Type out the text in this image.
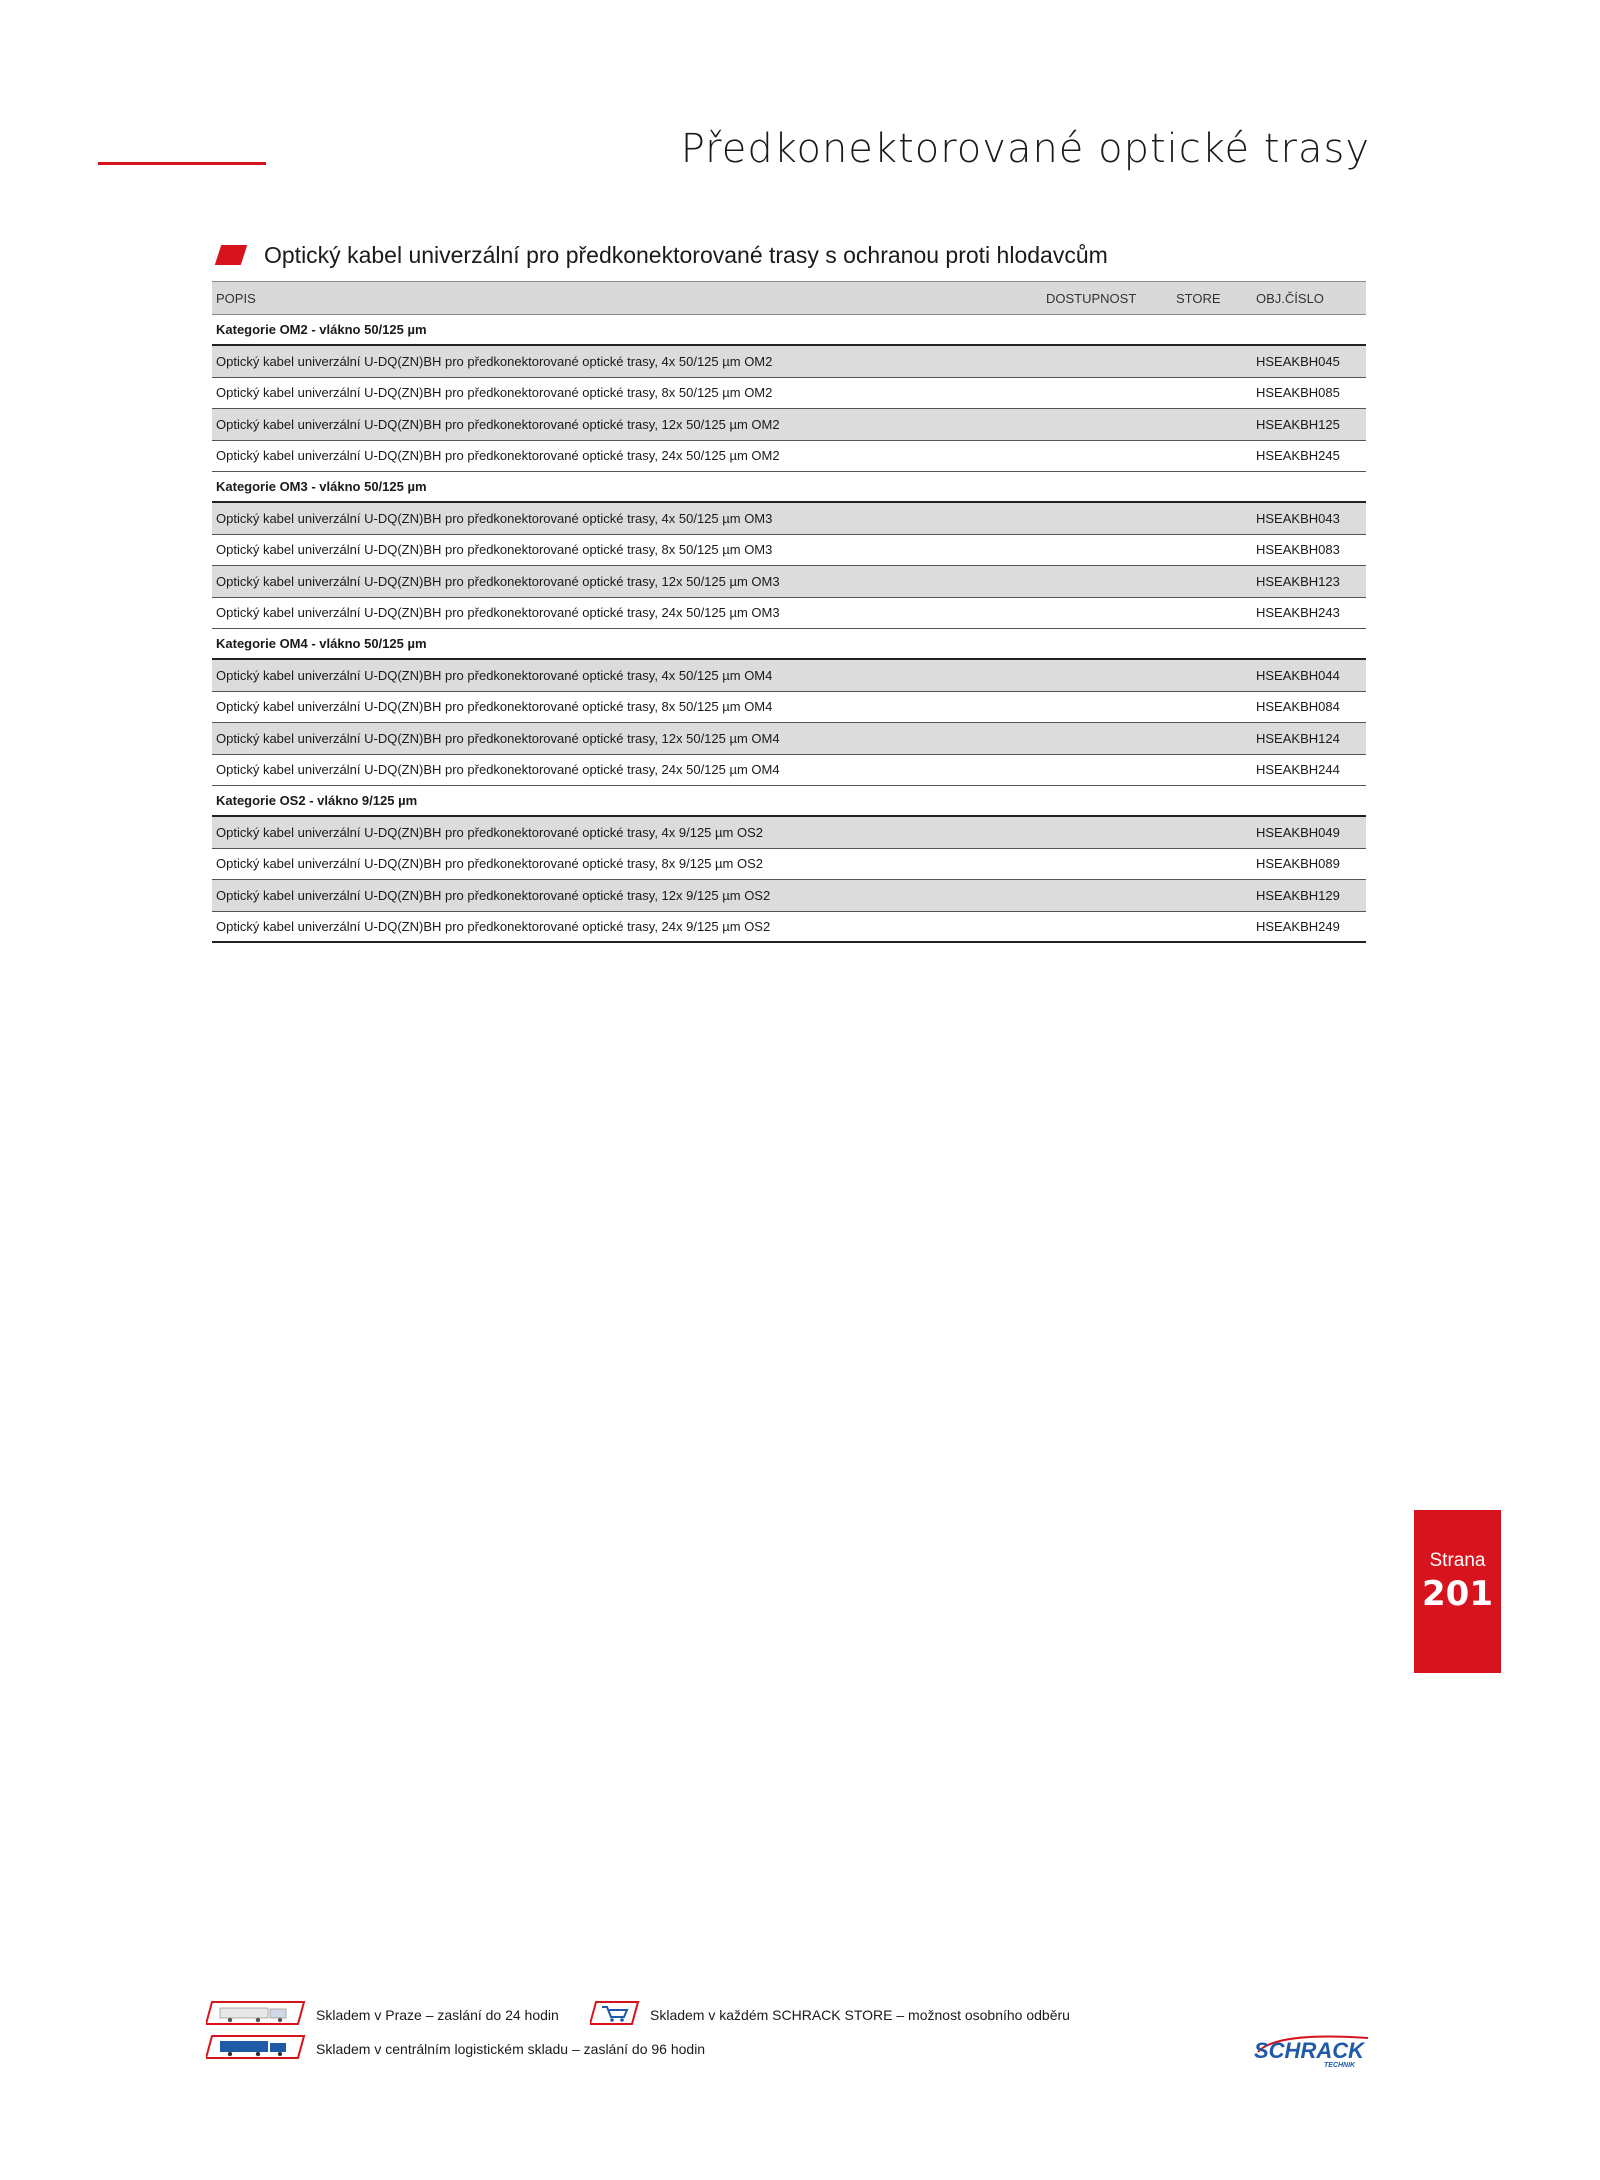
Předkonektorované optické trasy
Optický kabel univerzální pro předkonektorované trasy s ochranou proti hlodavcům
POPIS	DOSTUPNOST	STORE	OBJ.ČÍSLO
Kategorie OM2 - vlákno 50/125 µm
Optický kabel univerzální U-DQ(ZN)BH pro předkonektorované optické trasy, 4x 50/125 µm OM2	HSEAKBH045
Optický kabel univerzální U-DQ(ZN)BH pro předkonektorované optické trasy, 8x 50/125 µm OM2	HSEAKBH085
Optický kabel univerzální U-DQ(ZN)BH pro předkonektorované optické trasy, 12x 50/125 µm OM2	HSEAKBH125
Optický kabel univerzální U-DQ(ZN)BH pro předkonektorované optické trasy, 24x 50/125 µm OM2	HSEAKBH245
Kategorie OM3 - vlákno 50/125 µm
Optický kabel univerzální U-DQ(ZN)BH pro předkonektorované optické trasy, 4x 50/125 µm OM3	HSEAKBH043
Optický kabel univerzální U-DQ(ZN)BH pro předkonektorované optické trasy, 8x 50/125 µm OM3	HSEAKBH083
Optický kabel univerzální U-DQ(ZN)BH pro předkonektorované optické trasy, 12x 50/125 µm OM3	HSEAKBH123
Optický kabel univerzální U-DQ(ZN)BH pro předkonektorované optické trasy, 24x 50/125 µm OM3	HSEAKBH243
Kategorie OM4 - vlákno 50/125 µm
Optický kabel univerzální U-DQ(ZN)BH pro předkonektorované optické trasy, 4x 50/125 µm OM4	HSEAKBH044
Optický kabel univerzální U-DQ(ZN)BH pro předkonektorované optické trasy, 8x 50/125 µm OM4	HSEAKBH084
Optický kabel univerzální U-DQ(ZN)BH pro předkonektorované optické trasy, 12x 50/125 µm OM4	HSEAKBH124
Optický kabel univerzální U-DQ(ZN)BH pro předkonektorované optické trasy, 24x 50/125 µm OM4	HSEAKBH244
Kategorie OS2 - vlákno 9/125 µm
Optický kabel univerzální U-DQ(ZN)BH pro předkonektorované optické trasy, 4x 9/125 µm OS2	HSEAKBH049
Optický kabel univerzální U-DQ(ZN)BH pro předkonektorované optické trasy, 8x 9/125 µm OS2	HSEAKBH089
Optický kabel univerzální U-DQ(ZN)BH pro předkonektorované optické trasy, 12x 9/125 µm OS2	HSEAKBH129
Optický kabel univerzální U-DQ(ZN)BH pro předkonektorované optické trasy, 24x 9/125 µm OS2	HSEAKBH249
Strana
201
Skladem v Praze – zaslání do 24 hodin	Skladem v každém SCHRACK STORE – možnost osobního odběru
Skladem v centrálním logistickém skladu – zaslání do 96 hodin	SCHRACK
TECHNIK
